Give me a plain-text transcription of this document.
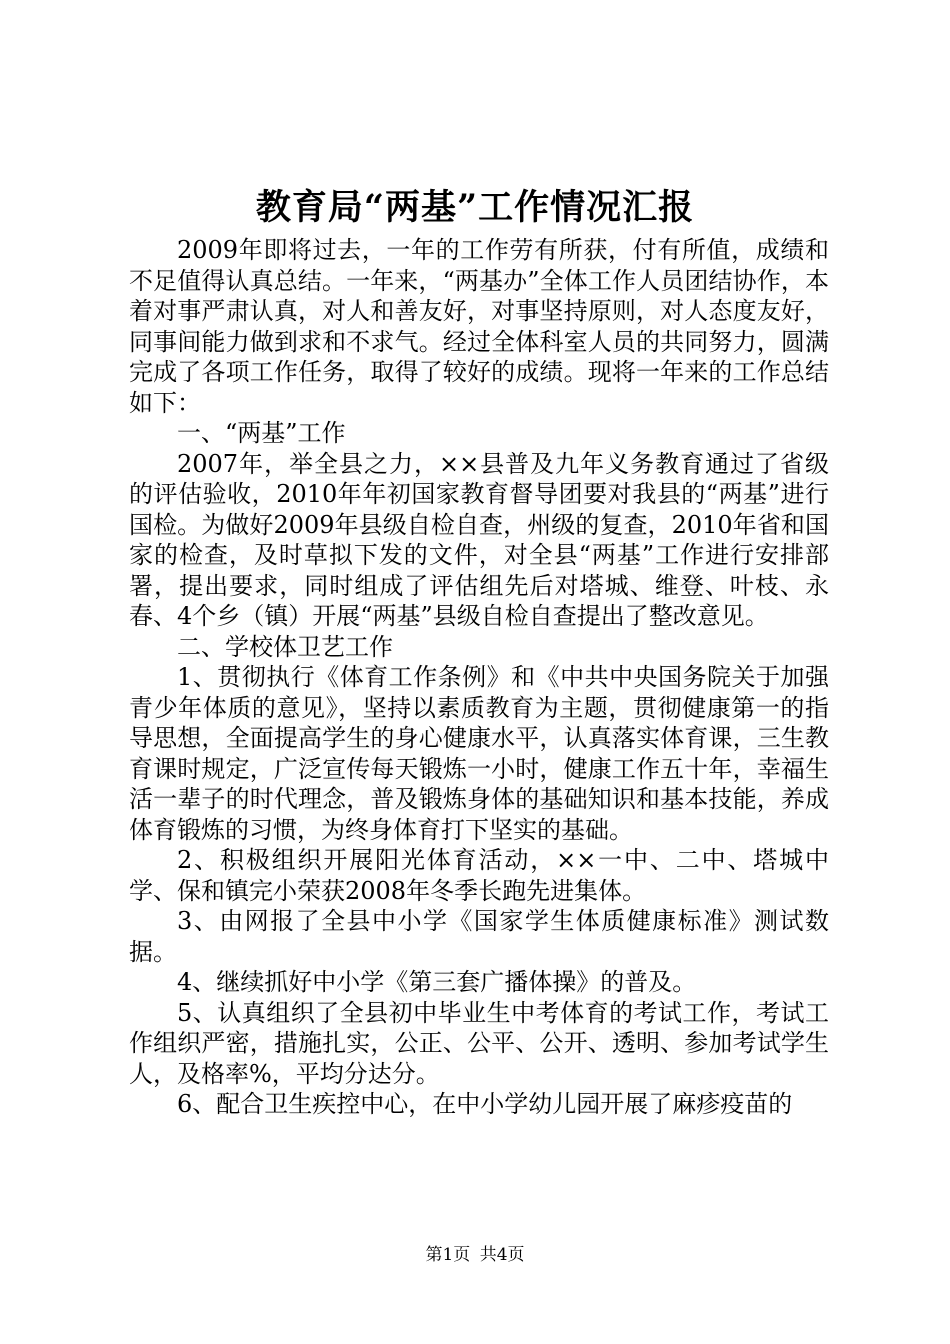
教育局“两基”工作情况汇报

2009年即将过去，一年的工作劳有所获，付有所值，成绩和不足值得认真总结。一年来，“两基办”全体工作人员团结协作，本着对事严肃认真，对人和善友好，对事坚持原则，对人态度友好，同事间能力做到求和不求气。经过全体科室人员的共同努力，圆满完成了各项工作任务，取得了较好的成绩。现将一年来的工作总结如下：

一、“两基”工作

2007年，举全县之力，××县普及九年义务教育通过了省级的评估验收，2010年年初国家教育督导团要对我县的“两基”进行国检。为做好2009年县级自检自查，州级的复查，2010年省和国家的检查，及时草拟下发的文件，对全县“两基”工作进行安排部署，提出要求，同时组成了评估组先后对塔城、维登、叶枝、永春、4个乡（镇）开展“两基”县级自检自查提出了整改意见。

二、学校体卫艺工作

1、贯彻执行《体育工作条例》和《中共中央国务院关于加强青少年体质的意见》，坚持以素质教育为主题，贯彻健康第一的指导思想，全面提高学生的身心健康水平，认真落实体育课，三生教育课时规定，广泛宣传每天锻炼一小时，健康工作五十年，幸福生活一辈子的时代理念，普及锻炼身体的基础知识和基本技能，养成体育锻炼的习惯，为终身体育打下坚实的基础。

2、积极组织开展阳光体育活动，××一中、二中、塔城中学、保和镇完小荣获2008年冬季长跑先进集体。

3、由网报了全县中小学《国家学生体质健康标准》测试数据。

4、继续抓好中小学《第三套广播体操》的普及。

5、认真组织了全县初中毕业生中考体育的考试工作，考试工作组织严密，措施扎实，公正、公平、公开、透明、参加考试学生人，及格率%，平均分达分。

6、配合卫生疾控中心，在中小学幼儿园开展了麻疹疫苗的

第1页 共4页
